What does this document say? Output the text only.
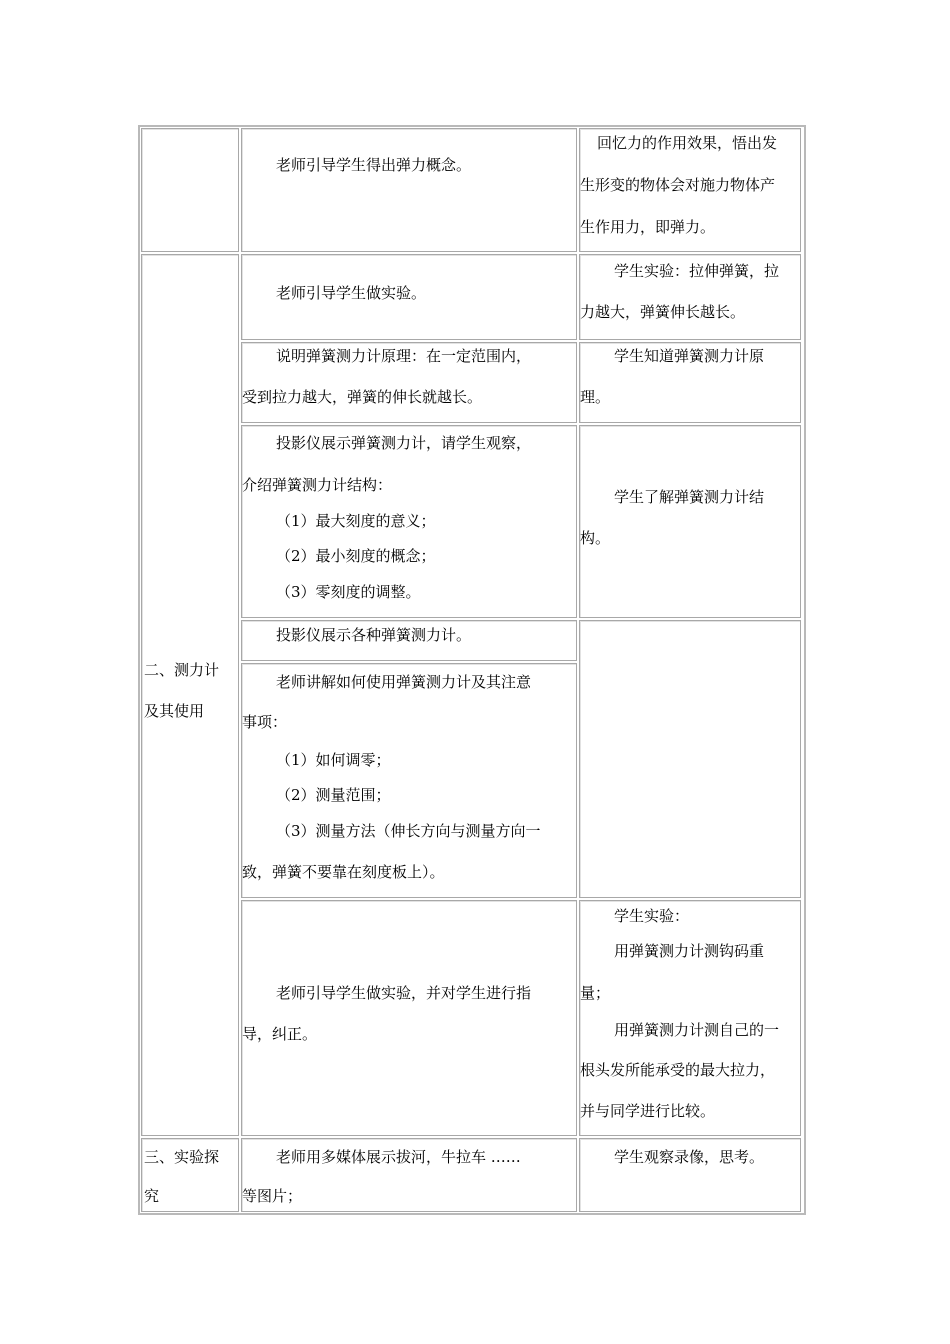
二、测力计
及其使用
三、实验探
究
老师引导学生得出弹力概念。
回忆力的作用效果，悟出发
生形变的物体会对施力物体产
生作用力，即弹力。
老师引导学生做实验。
学生实验：拉伸弹簧，拉
力越大，弹簧伸长越长。
说明弹簧测力计原理：在一定范围内，
受到拉力越大，弹簧的伸长就越长。
学生知道弹簧测力计原
理。
投影仪展示弹簧测力计，请学生观察，
介绍弹簧测力计结构：
（1）最大刻度的意义；
（2）最小刻度的概念；
（3）零刻度的调整。
学生了解弹簧测力计结
构。
投影仪展示各种弹簧测力计。
老师讲解如何使用弹簧测力计及其注意
事项：
（1）如何调零；
（2）测量范围；
（3）测量方法（伸长方向与测量方向一
致，弹簧不要靠在刻度板上）。
老师引导学生做实验，并对学生进行指
导，纠正。
学生实验：
用弹簧测力计测钩码重
量；
用弹簧测力计测自己的一
根头发所能承受的最大拉力，
并与同学进行比较。
老师用多媒体展示拔河，牛拉车 ……
等图片；
学生观察录像，思考。
